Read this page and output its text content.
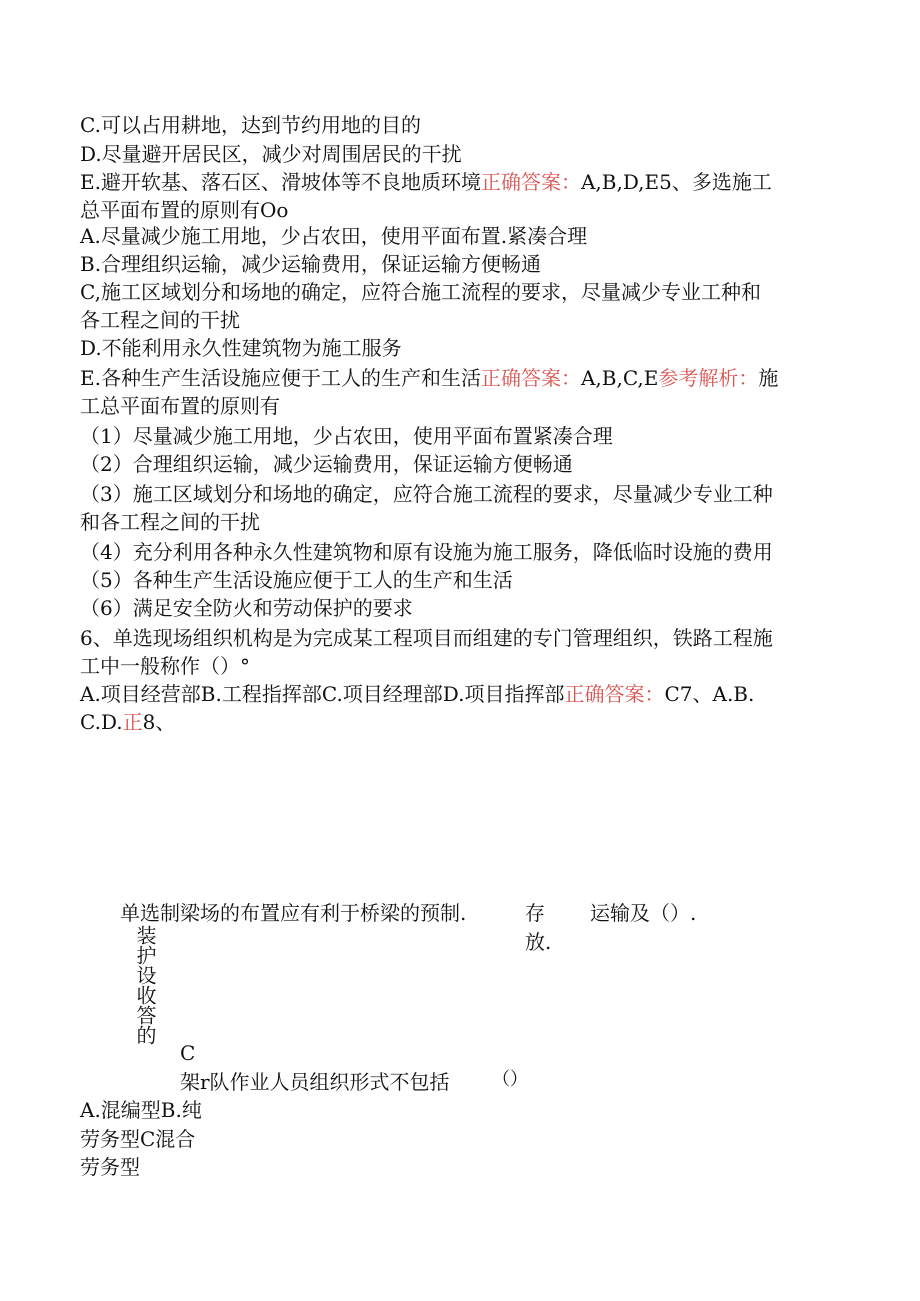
C.可以占用耕地，达到节约用地的目的
D.尽量避开居民区，减少对周围居民的干扰
E.避开软基、落石区、滑坡体等不良地质环境正确答案：A,B,D,E5、多选施工
总平面布置的原则有Oo
A.尽量减少施工用地，少占农田，使用平面布置.紧凑合理
B.合理组织运输，减少运输费用，保证运输方便畅通
C,施工区域划分和场地的确定，应符合施工流程的要求，尽量减少专业工种和
各工程之间的干扰
D.不能利用永久性建筑物为施工服务
E.各种生产生活设施应便于工人的生产和生活正确答案：A,B,C,E参考解析：施
工总平面布置的原则有
（1）尽量减少施工用地，少占农田，使用平面布置紧凑合理
（2）合理组织运输，减少运输费用，保证运输方便畅通
（3）施工区域划分和场地的确定，应符合施工流程的要求，尽量减少专业工种
和各工程之间的干扰
（4）充分利用各种永久性建筑物和原有设施为施工服务，降低临时设施的费用
（5）各种生产生活设施应便于工人的生产和生活
（6）满足安全防火和劳动保护的要求
6、单选现场组织机构是为完成某工程项目而组建的专门管理组织，铁路工程施
工中一般称作（）°
A.项目经营部B.工程指挥部C.项目经理部D.项目指挥部正确答案：C7、A.B.
C.D.正8、
单选制梁场的布置应有利于桥梁的预制.	存
放.
运输及（）.
装护设收答的
C
架r队作业人员组织形式不包括 （）
A.混编型B.纯
劳务型C混合
劳务型
